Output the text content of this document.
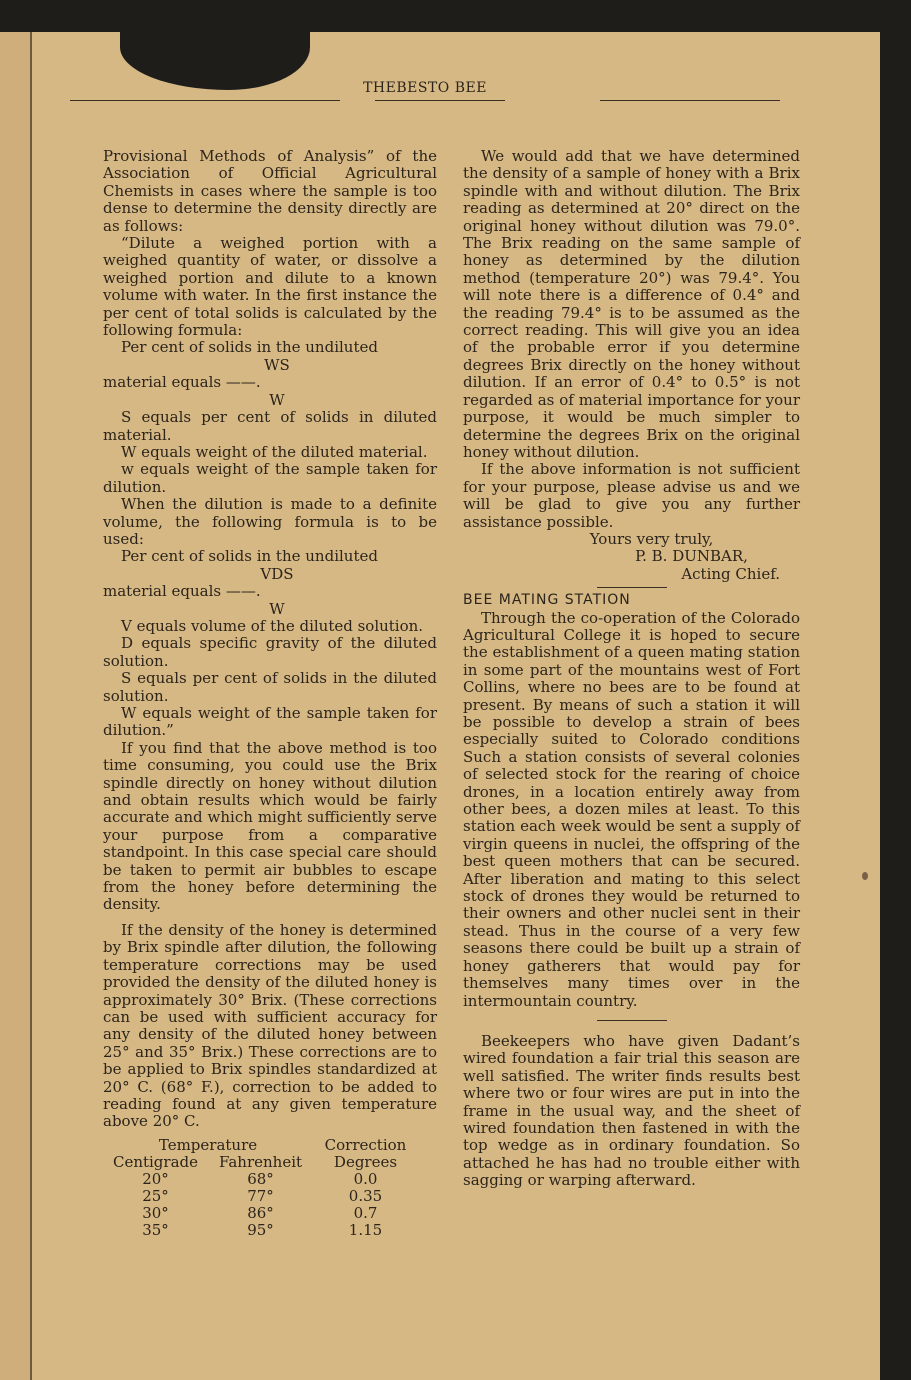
THEBESTO BEE

Provisional Methods of Analysis” of the Association of Official Agricultural Chemists in cases where the sample is too dense to determine the density directly are as follows:

“Dilute a weighed portion with a weighed quantity of water, or dissolve a weighed portion and dilute to a known volume with water. In the first instance the per cent of total solids is calculated by the following formula:

Per cent of solids in the undiluted

WS

material equals ——.

W

S equals per cent of solids in diluted material.

W equals weight of the diluted material.

w equals weight of the sample taken for dilution.

When the dilution is made to a definite volume, the following formula is to be used:

Per cent of solids in the undiluted

VDS

material equals ——.

W

V equals volume of the diluted solution.

D equals specific gravity of the diluted solution.

S equals per cent of solids in the diluted solution.

W equals weight of the sample taken for dilution.”

If you find that the above method is too time consuming, you could use the Brix spindle directly on honey without dilution and obtain results which would be fairly accurate and which might sufficiently serve your purpose from a comparative standpoint. In this case special care should be taken to permit air bubbles to escape from the honey before determining the density.

If the density of the honey is determined by Brix spindle after dilution, the following temperature corrections may be used provided the density of the diluted honey is approximately 30° Brix. (These corrections can be used with sufficient accuracy for any density of the diluted honey between 25° and 35° Brix.) These corrections are to be applied to Brix spindles standardized at 20° C. (68° F.), correction to be added to reading found at any given temperature above 20° C.

Temperature		Correction
Centigrade	Fahrenheit	Degrees
20°	68°	0.0
25°	77°	0.35
30°	86°	0.7
35°	95°	1.15

We would add that we have determined the density of a sample of honey with a Brix spindle with and without dilution. The Brix reading as determined at 20° direct on the original honey without dilution was 79.0°. The Brix reading on the same sample of honey as determined by the dilution method (temperature 20°) was 79.4°. You will note there is a difference of 0.4° and the reading 79.4° is to be assumed as the correct reading. This will give you an idea of the probable error if you determine degrees Brix directly on the honey without dilution. If an error of 0.4° to 0.5° is not regarded as of material importance for your purpose, it would be much simpler to determine the degrees Brix on the original honey without dilution.

If the above information is not sufficient for your purpose, please advise us and we will be glad to give you any further assistance possible.

Yours very truly,

P. B. DUNBAR,

Acting Chief.

BEE MATING STATION

Through the co-operation of the Colorado Agricultural College it is hoped to secure the establishment of a queen mating station in some part of the mountains west of Fort Collins, where no bees are to be found at present. By means of such a station it will be possible to develop a strain of bees especially suited to Colorado conditions Such a station consists of several colonies of selected stock for the rearing of choice drones, in a location entirely away from other bees, a dozen miles at least. To this station each week would be sent a supply of virgin queens in nuclei, the offspring of the best queen mothers that can be secured. After liberation and mating to this select stock of drones they would be returned to their owners and other nuclei sent in their stead. Thus in the course of a very few seasons there could be built up a strain of honey gatherers that would pay for themselves many times over in the intermountain country.

Beekeepers who have given Dadant’s wired foundation a fair trial this season are well satisfied. The writer finds results best where two or four wires are put in into the frame in the usual way, and the sheet of wired foundation then fastened in with the top wedge as in ordinary foundation. So attached he has had no trouble either with sagging or warping afterward.
